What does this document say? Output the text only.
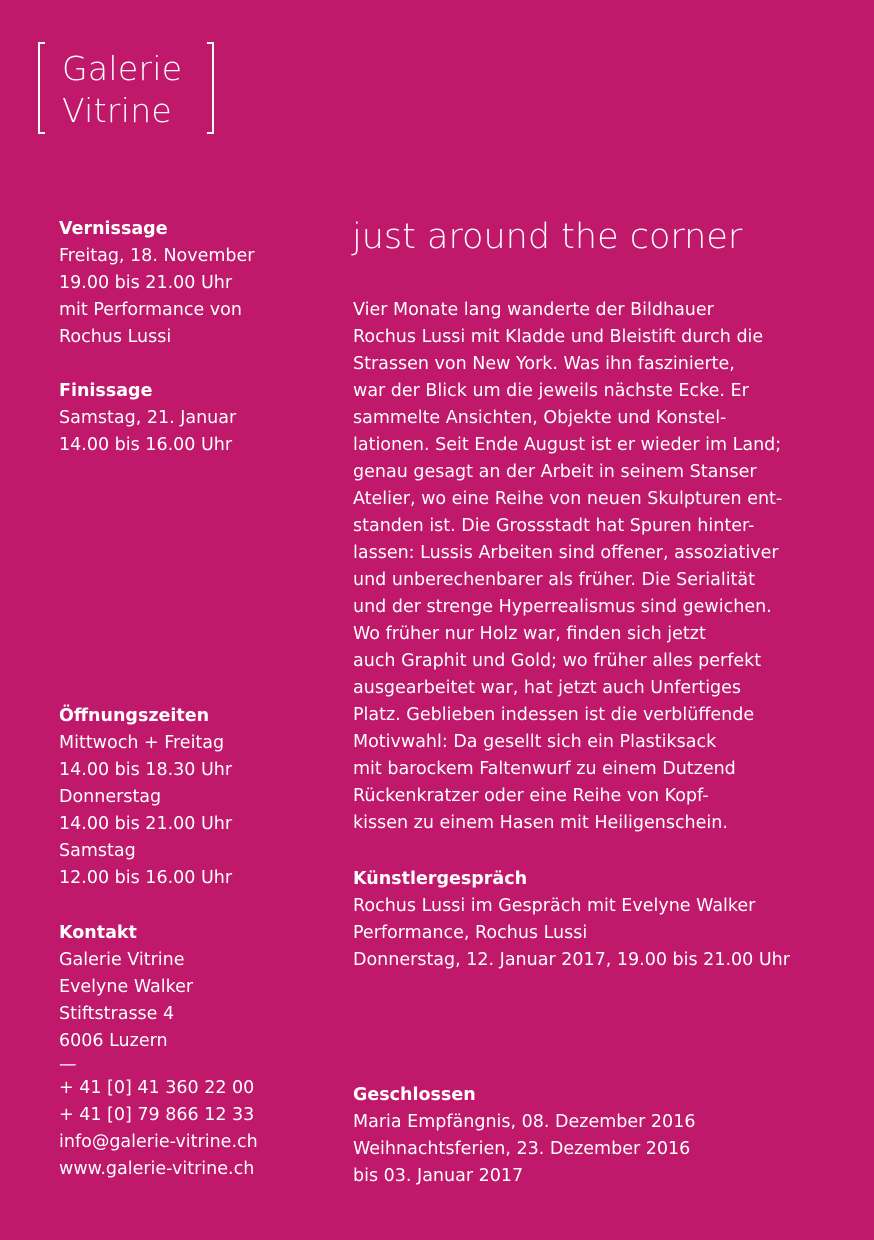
Galerie
Vitrine
Vernissage
Freitag, 18. November
19.00 bis 21.00 Uhr
mit Performance von
Rochus Lussi
Finissage
Samstag, 21. Januar
14.00 bis 16.00 Uhr
Öffnungszeiten
Mittwoch + Freitag
14.00 bis 18.30 Uhr
Donnerstag
14.00 bis 21.00 Uhr
Samstag
12.00 bis 16.00 Uhr
Kontakt
Galerie Vitrine
Evelyne Walker
Stiftstrasse 4
6006 Luzern
—
+ 41 [0] 41 360 22 00
+ 41 [0] 79 866 12 33
info@galerie-vitrine.ch
www.galerie-vitrine.ch
just around the corner
Vier Monate lang wanderte der Bildhauer
Rochus Lussi mit Kladde und Bleistift durch die
Strassen von New York. Was ihn faszinierte,
war der Blick um die jeweils nächste Ecke. Er
sammelte Ansichten, Objekte und Konstel-
lationen. Seit Ende August ist er wieder im Land;
genau gesagt an der Arbeit in seinem Stanser
Atelier, wo eine Reihe von neuen Skulpturen ent-
standen ist. Die Grossstadt hat Spuren hinter-
lassen: Lussis Arbeiten sind offener, assoziativer
und unberechenbarer als früher. Die Serialität
und der strenge Hyperrealismus sind gewichen.
Wo früher nur Holz war, finden sich jetzt
auch Graphit und Gold; wo früher alles perfekt
ausgearbeitet war, hat jetzt auch Unfertiges
Platz. Geblieben indessen ist die verblüffende
Motivwahl: Da gesellt sich ein Plastiksack
mit barockem Faltenwurf zu einem Dutzend
Rückenkratzer oder eine Reihe von Kopf-
kissen zu einem Hasen mit Heiligenschein.
Künstlergespräch
Rochus Lussi im Gespräch mit Evelyne Walker
Performance, Rochus Lussi
Donnerstag, 12. Januar 2017, 19.00 bis 21.00 Uhr
Geschlossen
Maria Empfängnis, 08. Dezember 2016
Weihnachtsferien, 23. Dezember 2016
bis 03. Januar 2017
